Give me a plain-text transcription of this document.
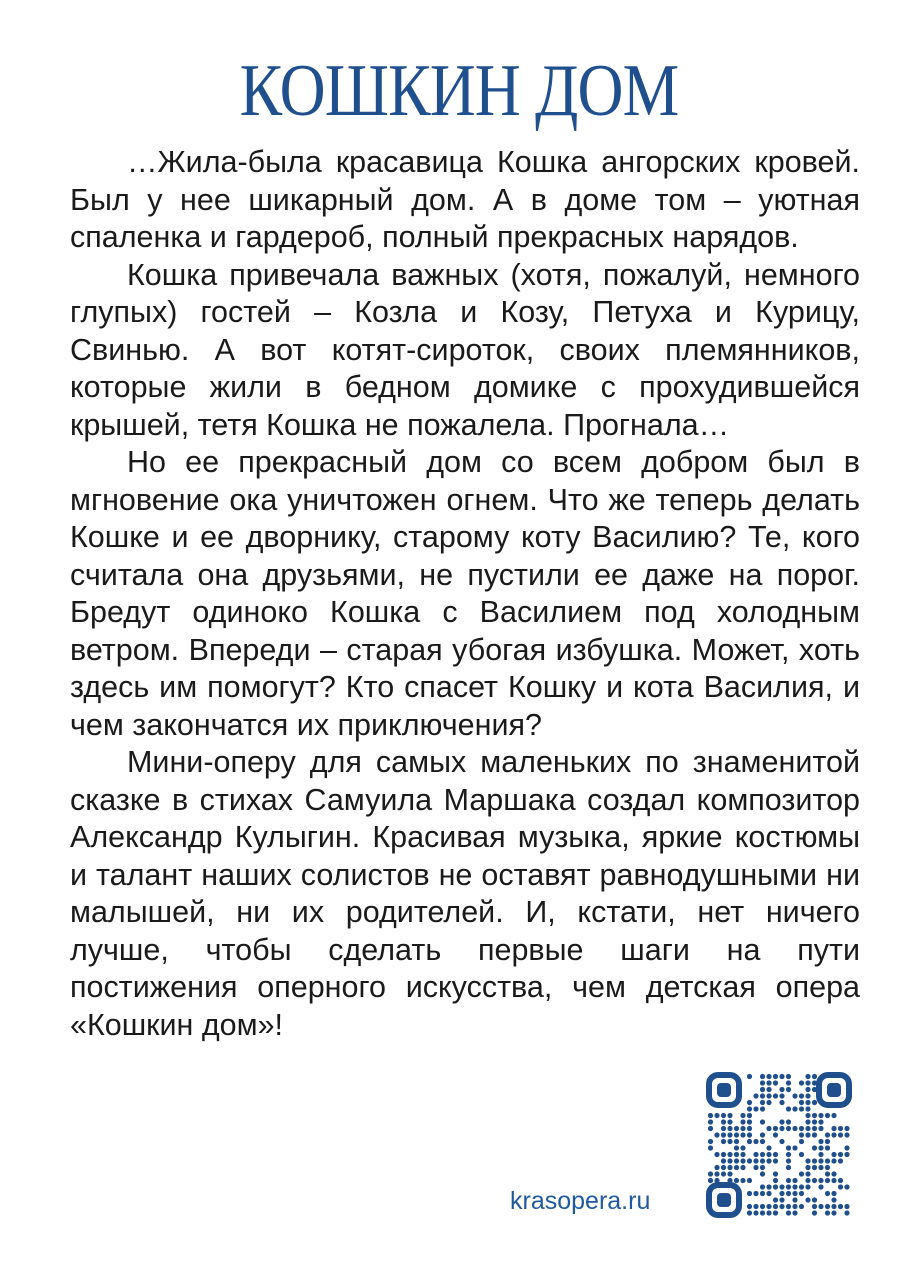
КОШКИН ДОМ

…Жила-была красавица Кошка ангорских кровей. Был у нее шикарный дом. А в доме том – уютная спаленка и гардероб, полный прекрасных нарядов.

Кошка привечала важных (хотя, пожалуй, немного глупых) гостей – Козла и Козу, Петуха и Курицу, Свинью. А вот котят-сироток, своих племянников, которые жили в бедном домике с прохудившейся крышей, тетя Кошка не пожалела. Прогнала…

Но ее прекрасный дом со всем добром был в мгновение ока уничтожен огнем. Что же теперь делать Кошке и ее дворнику, старому коту Василию? Те, кого считала она друзьями, не пустили ее даже на порог. Бредут одиноко Кошка с Василием под холодным ветром. Впереди – старая убогая избушка. Может, хоть здесь им помогут? Кто спасет Кошку и кота Василия, и чем закончатся их приключения?

Мини-оперу для самых маленьких по знаменитой сказке в стихах Самуила Маршака создал композитор Александр Кулыгин. Красивая музыка, яркие костюмы и талант наших солистов не оставят равнодушными ни малышей, ни их родителей. И, кстати, нет ничего лучше, чтобы сделать первые шаги на пути постижения оперного искусства, чем детская опера «Кошкин дом»!

krasopera.ru
